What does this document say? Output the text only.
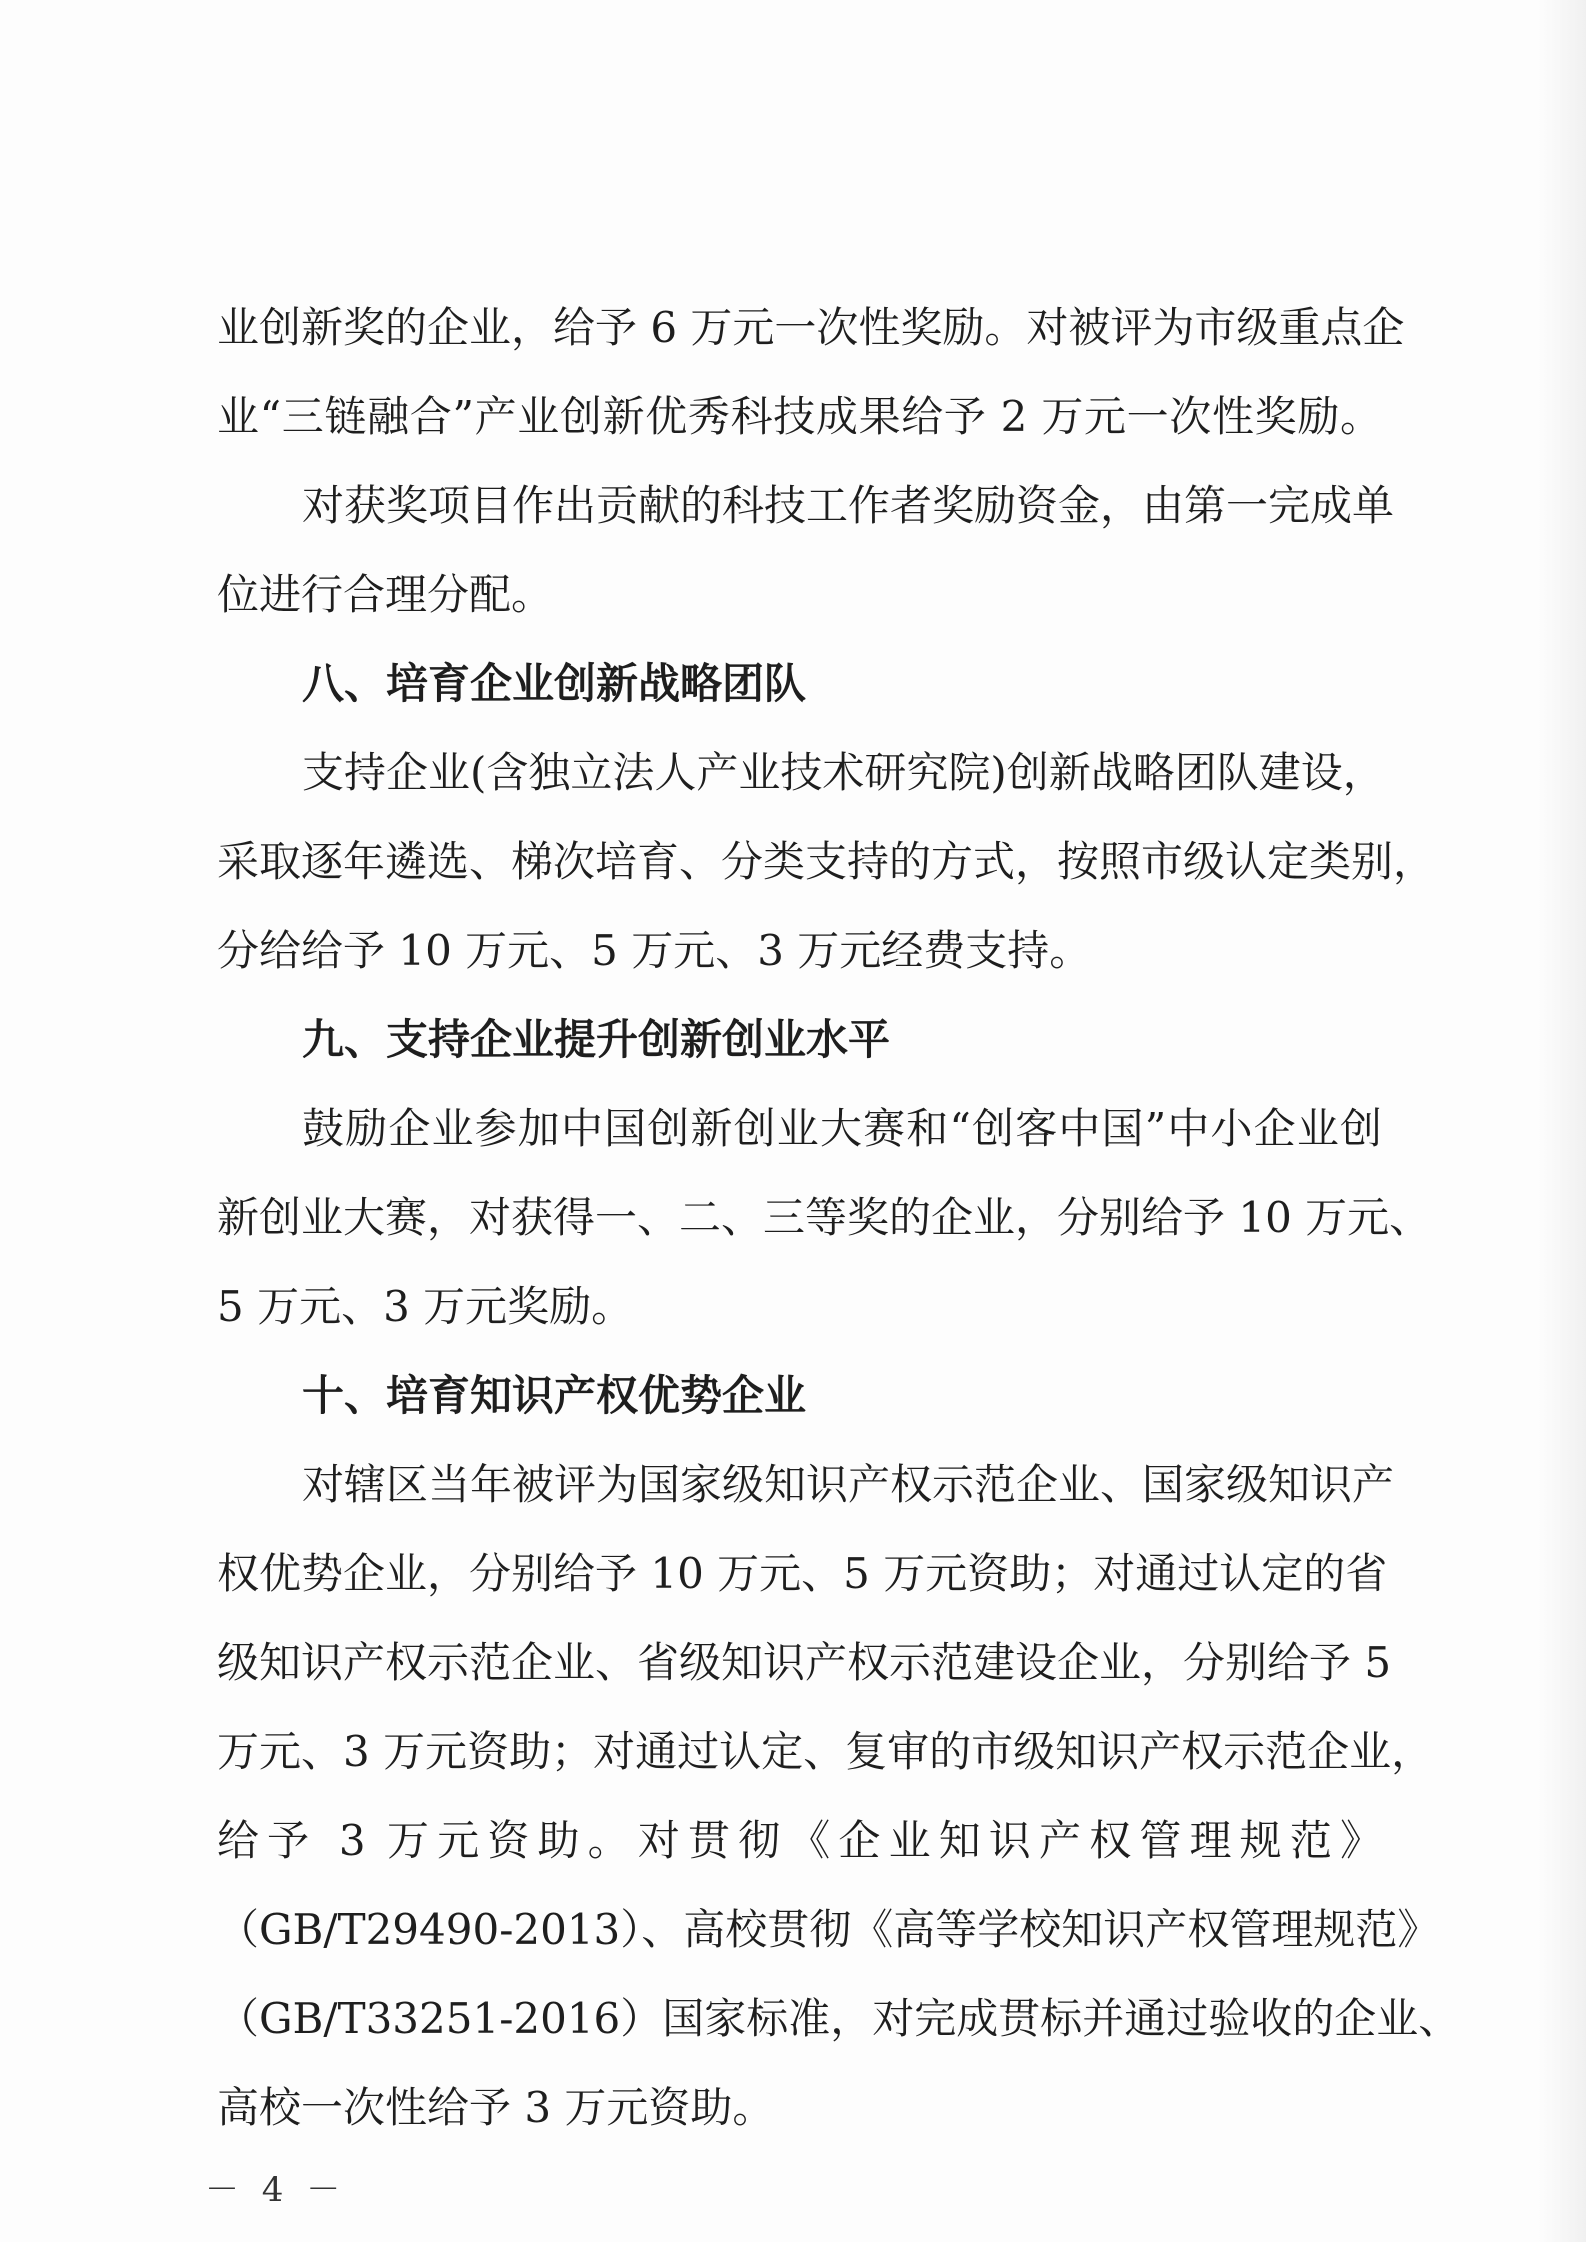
业创新奖的企业，给予 6 万元一次性奖励。对被评为市级重点企
业“三链融合”产业创新优秀科技成果给予 2 万元一次性奖励。
对获奖项目作出贡献的科技工作者奖励资金，由第一完成单
位进行合理分配。
八、培育企业创新战略团队
支持企业(含独立法人产业技术研究院)创新战略团队建设，
采取逐年遴选、梯次培育、分类支持的方式，按照市级认定类别，
分给给予 10 万元、5 万元、3 万元经费支持。
九、支持企业提升创新创业水平
鼓励企业参加中国创新创业大赛和“创客中国”中小企业创
新创业大赛，对获得一、二、三等奖的企业，分别给予 10 万元、
5 万元、3 万元奖励。
十、培育知识产权优势企业
对辖区当年被评为国家级知识产权示范企业、国家级知识产
权优势企业，分别给予 10 万元、5 万元资助；对通过认定的省
级知识产权示范企业、省级知识产权示范建设企业，分别给予 5
万元、3 万元资助；对通过认定、复审的市级知识产权示范企业，
给予 3 万元资助。对贯彻《企业知识产权管理规范》
（GB/T29490-2013）、高校贯彻《高等学校知识产权管理规范》
（GB/T33251-2016）国家标准，对完成贯标并通过验收的企业、
高校一次性给予 3 万元资助。
－ 4 －
